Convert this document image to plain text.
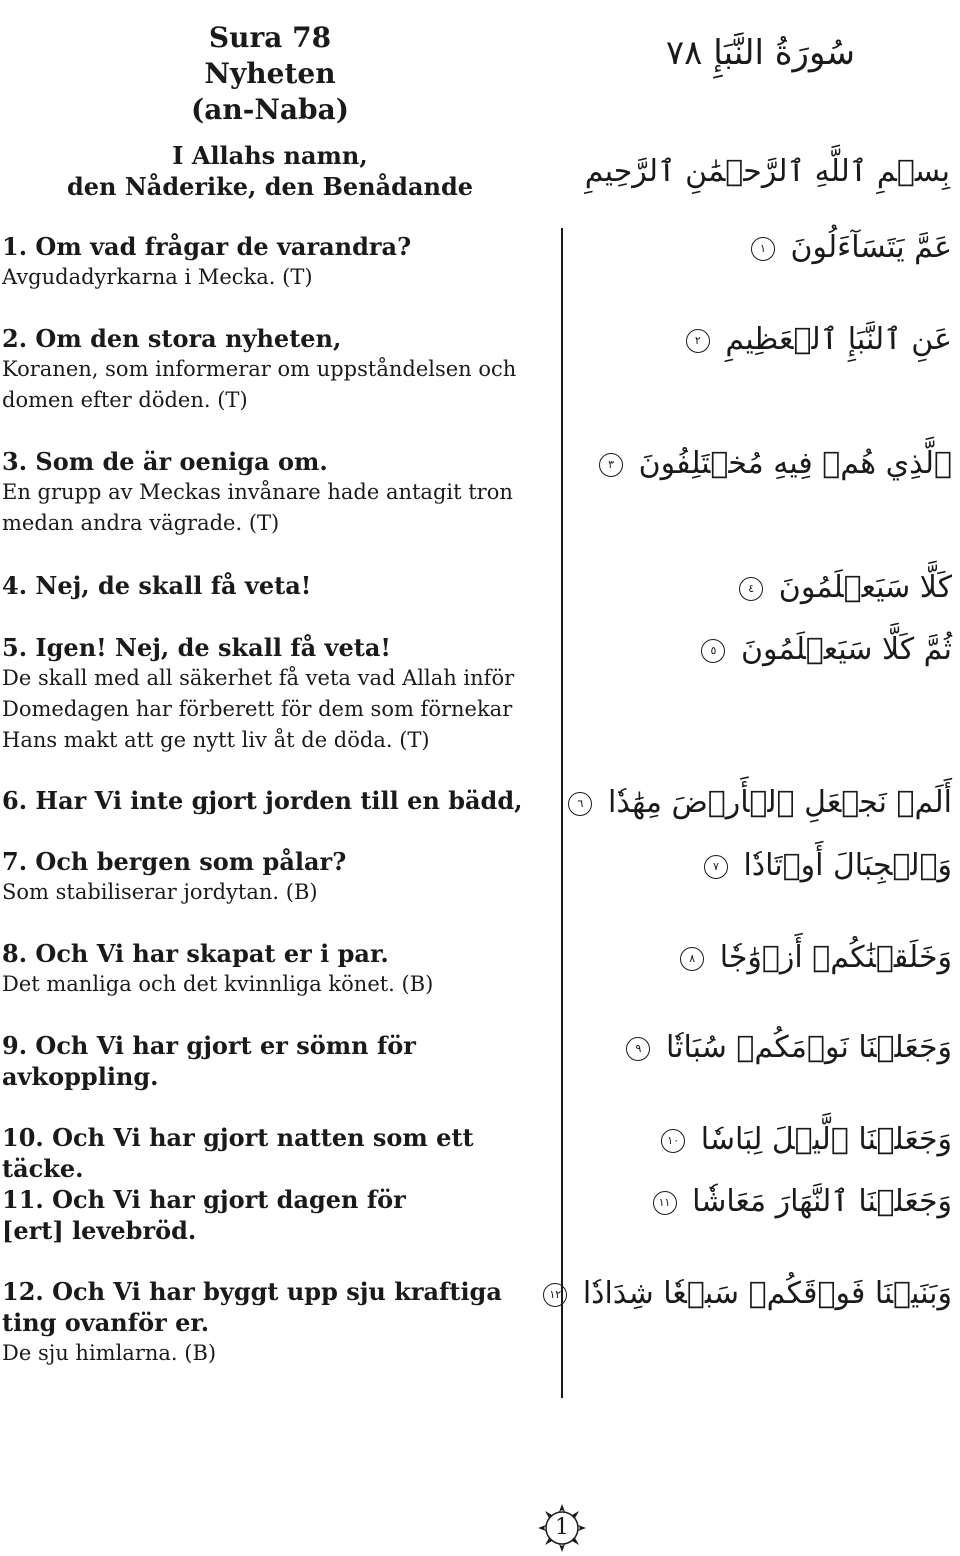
Sura 78 Nyheten
(an-Naba)
سُورَةُ النَّبَإِ ٧٨
I Allahs namn,
den Nåderike, den Benådande	بِسۡمِ ٱللَّهِ ٱلرَّحۡمَٰنِ ٱلرَّحِيمِ
1. Om vad frågar de varandra?
Avgudadyrkarna i Mecka. (T)
عَمَّ يَتَسَآءَلُونَ ١
2. Om den stora nyheten,
Koranen, som informerar om uppståndelsen och domen efter döden. (T)
عَنِ ٱلنَّبَإِ ٱلۡعَظِيمِ ٢
3. Som de är oeniga om.
En grupp av Meckas invånare hade antagit tron medan andra vägrade. (T)
ٱلَّذِي هُمۡ فِيهِ مُخۡتَلِفُونَ ٣
4. Nej, de skall få veta!	كَلَّا سَيَعۡلَمُونَ ٤
5. Igen! Nej, de skall få veta!
De skall med all säkerhet få veta vad Allah inför Domedagen har förberett för dem som förnekar Hans makt att ge nytt liv åt de döda. (T)
ثُمَّ كَلَّا سَيَعۡلَمُونَ ٥
6. Har Vi inte gjort jorden till en bädd,	أَلَمۡ نَجۡعَلِ ٱلۡأَرۡضَ مِهَٰدٗا ٦
7. Och bergen som pålar?
Som stabiliserar jordytan. (B)
وَٱلۡجِبَالَ أَوۡتَادٗا ٧
8. Och Vi har skapat er i par.
Det manliga och det kvinnliga könet. (B)
وَخَلَقۡنَٰكُمۡ أَزۡوَٰجٗا ٨
9. Och Vi har gjort er sömn för avkoppling.
وَجَعَلۡنَا نَوۡمَكُمۡ سُبَاتٗا ٩
10. Och Vi har gjort natten som ett täcke.
وَجَعَلۡنَا ٱلَّيۡلَ لِبَاسٗا ١٠
11. Och Vi har gjort dagen för [ert] levebröd.
وَجَعَلۡنَا ٱلنَّهَارَ مَعَاشٗا ١١
12. Och Vi har byggt upp sju kraftiga ting ovanför er.
De sju himlarna. (B)
وَبَنَيۡنَا فَوۡقَكُمۡ سَبۡعٗا شِدَادٗا ١٢
1
